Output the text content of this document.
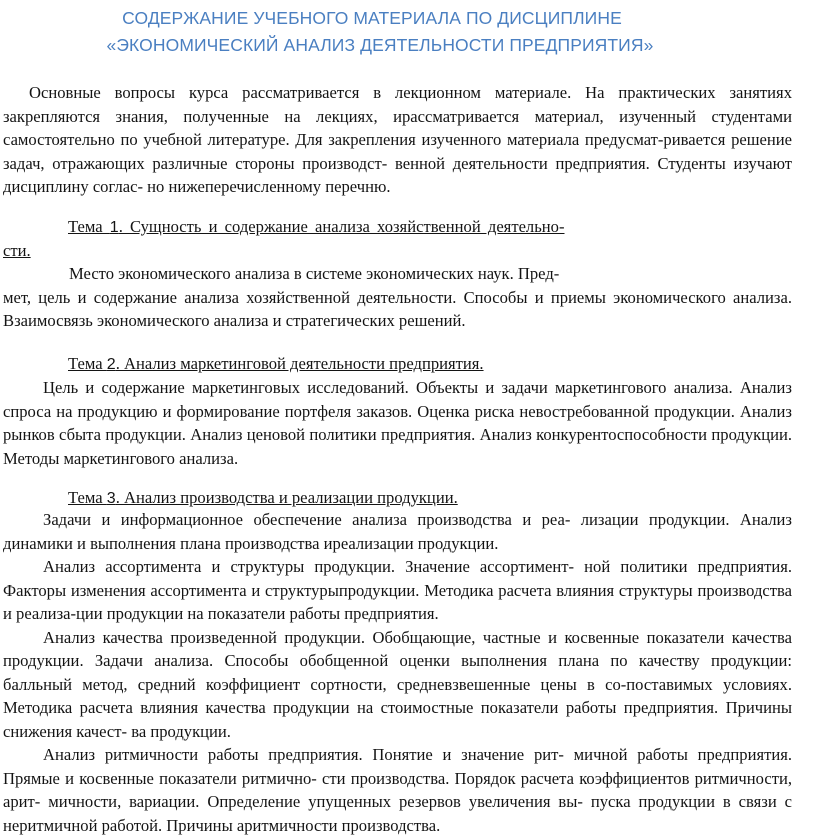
СОДЕРЖАНИЕ УЧЕБНОГО МАТЕРИАЛА ПО ДИСЦИПЛИНЕ
«ЭКОНОМИЧЕСКИЙ АНАЛИЗ ДЕЯТЕЛЬНОСТИ ПРЕДПРИЯТИЯ»
Основные вопросы курса рассматривается в лекционном материале. На практических занятиях закрепляются знания, полученные на лекциях, ирассматривается материал, изученный студентами самостоятельно по учебной литературе. Для закрепления изученного материала предусмат-ривается решение задач, отражающих различные стороны производст- венной деятельности предприятия. Студенты изучают дисциплину соглас- но нижеперечисленному перечню.
Тема 1. Сущность и содержание анализа хозяйственной деятельно-
сти.
Место экономического анализа в системе экономических наук. Пред-
мет, цель и содержание анализа хозяйственной деятельности. Способы и приемы экономического анализа. Взаимосвязь экономического анализа и стратегических решений.
Тема 2. Анализ маркетинговой деятельности предприятия.
Цель и содержание маркетинговых исследований. Объекты и задачи маркетингового анализа. Анализ спроса на продукцию и формирование портфеля заказов. Оценка риска невостребованной продукции. Анализ рынков сбыта продукции. Анализ ценовой политики предприятия. Анализ конкурентоспособности продукции. Методы маркетингового анализа.
Тема 3. Анализ производства и реализации продукции.

Задачи и информационное обеспечение анализа производства и реа- лизации продукции. Анализ динамики и выполнения плана производства иреализации продукции.

Анализ ассортимента и структуры продукции. Значение ассортимент- ной политики предприятия. Факторы изменения ассортимента и структурыпродукции. Методика расчета влияния структуры производства и реализа-ции продукции на показатели работы предприятия.

Анализ качества произведенной продукции. Обобщающие, частные и косвенные показатели качества продукции. Задачи анализа. Способы обобщенной оценки выполнения плана по качеству продукции: балльный метод, средний коэффициент сортности, средневзвешенные цены в со-поставимых условиях. Методика расчета влияния качества продукции на стоимостные показатели работы предприятия. Причины снижения качест- ва продукции.

Анализ ритмичности работы предприятия. Понятие и значение рит- мичной работы предприятия. Прямые и косвенные показатели ритмично- сти производства. Порядок расчета коэффициентов ритмичности, арит- мичности, вариации. Определение упущенных резервов увеличения вы- пуска продукции в связи с неритмичной работой. Причины аритмичности производства.
